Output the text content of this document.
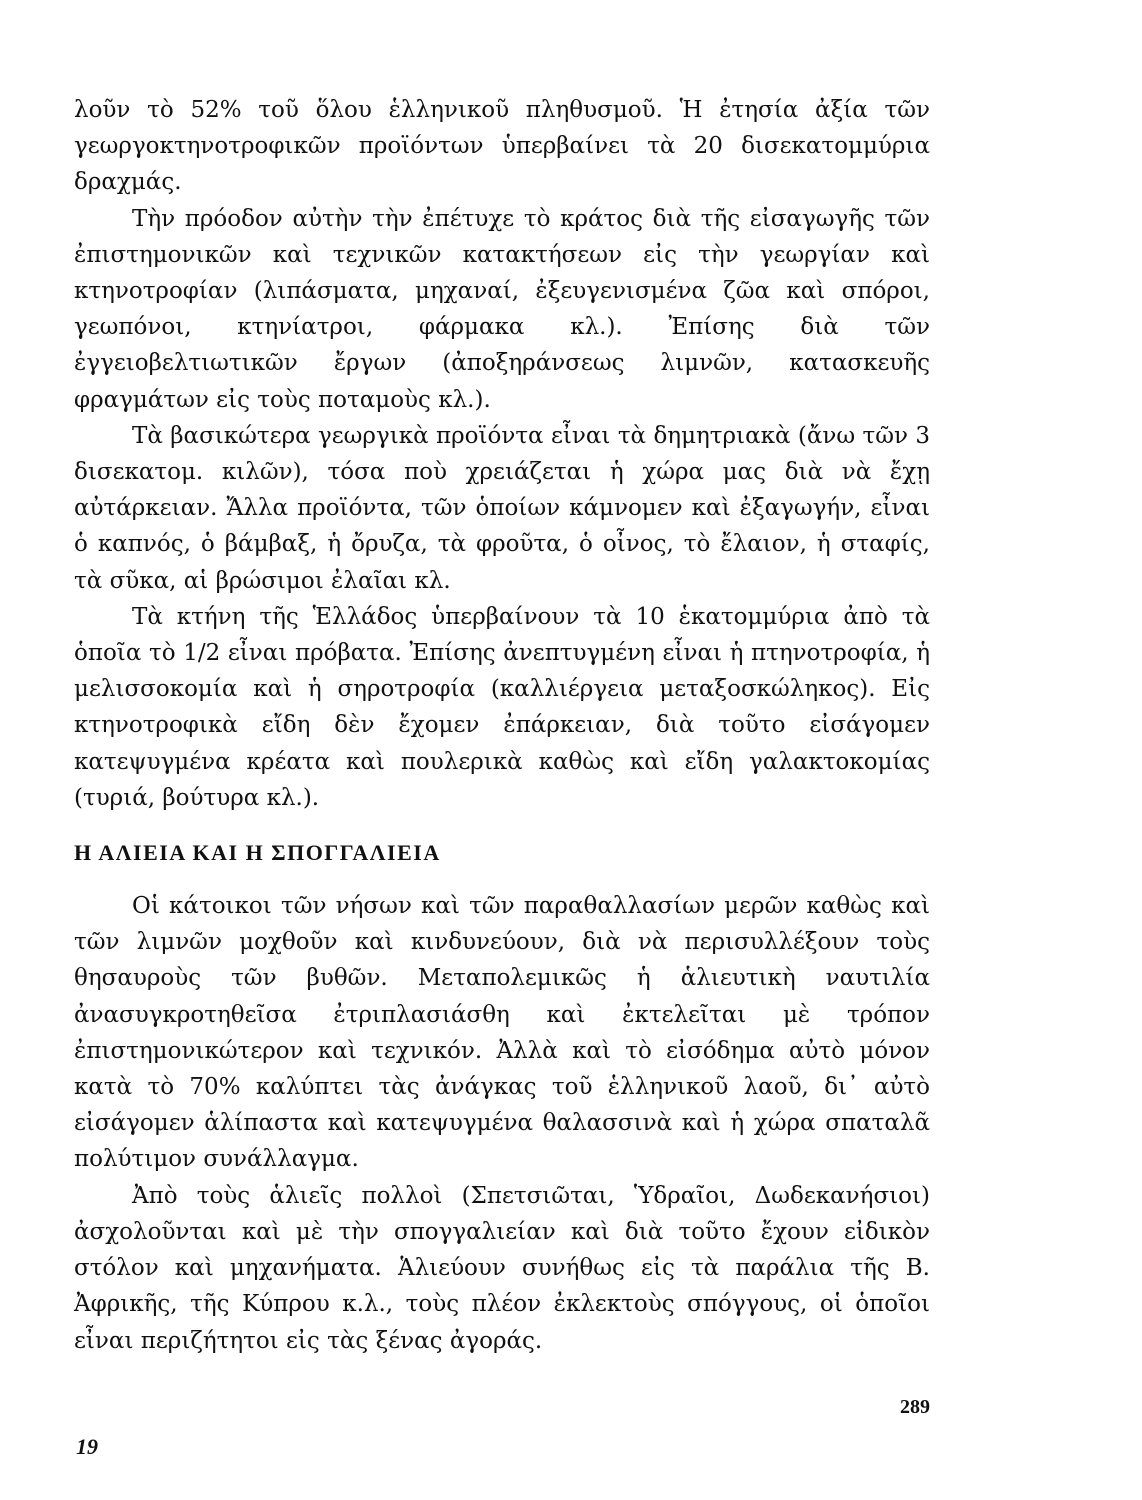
λοῦν τὸ 52% τοῦ ὅλου ἑλληνικοῦ πληθυσμοῦ. Ἡ ἐτησία ἀξία τῶν γεωργοκτηνοτροφικῶν προϊόντων ὑπερβαίνει τὰ 20 δισεκατομμύρια δραχμάς.

Τὴν πρόοδον αὐτὴν τὴν ἐπέτυχε τὸ κράτος διὰ τῆς εἰσαγωγῆς τῶν ἐπιστημονικῶν καὶ τεχνικῶν κατακτήσεων εἰς τὴν γεωργίαν καὶ κτηνοτροφίαν (λιπάσματα, μηχαναί, ἐξευγενισμένα ζῶα καὶ σπόροι, γεωπόνοι, κτηνίατροι, φάρμακα κλ.). Ἐπίσης διὰ τῶν ἐγγειοβελτιωτικῶν ἔργων (ἀποξηράνσεως λιμνῶν, κατασκευῆς φραγμάτων εἰς τοὺς ποταμοὺς κλ.).

Τὰ βασικώτερα γεωργικὰ προϊόντα εἶναι τὰ δημητριακὰ (ἄνω τῶν 3 δισεκατομ. κιλῶν), τόσα ποὺ χρειάζεται ἡ χώρα μας διὰ νὰ ἔχῃ αὐτάρκειαν. Ἄλλα προϊόντα, τῶν ὁποίων κάμνομεν καὶ ἐξαγωγήν, εἶναι ὁ καπνός, ὁ βάμβαξ, ἡ ὄρυζα, τὰ φροῦτα, ὁ οἶνος, τὸ ἔλαιον, ἡ σταφίς, τὰ σῦκα, αἱ βρώσιμοι ἐλαῖαι κλ.

Τὰ κτήνη τῆς Ἑλλάδος ὑπερβαίνουν τὰ 10 ἑκατομμύρια ἀπὸ τὰ ὁποῖα τὸ 1/2 εἶναι πρόβατα. Ἐπίσης ἀνεπτυγμένη εἶναι ἡ πτηνοτροφία, ἡ μελισσοκομία καὶ ἡ σηροτροφία (καλλιέργεια μεταξοσκώληκος). Εἰς κτηνοτροφικὰ εἴδη δὲν ἔχομεν ἐπάρκειαν, διὰ τοῦτο εἰσάγομεν κατεψυγμένα κρέατα καὶ πουλερικὰ καθὼς καὶ εἴδη γαλακτοκομίας (τυριά, βούτυρα κλ.).

Η ΑΛΙΕΙΑ ΚΑΙ Η ΣΠΟΓΓΑΛΙΕΙΑ

Οἱ κάτοικοι τῶν νήσων καὶ τῶν παραθαλλασίων μερῶν καθὼς καὶ τῶν λιμνῶν μοχθοῦν καὶ κινδυνεύουν, διὰ νὰ περισυλλέξουν τοὺς θησαυροὺς τῶν βυθῶν. Μεταπολεμικῶς ἡ ἁλιευτικὴ ναυτιλία ἀνασυγκροτηθεῖσα ἐτριπλασιάσθη καὶ ἐκτελεῖται μὲ τρόπον ἐπιστημονικώτερον καὶ τεχνικόν. Ἀλλὰ καὶ τὸ εἰσόδημα αὐτὸ μόνον κατὰ τὸ 70% καλύπτει τὰς ἀνάγκας τοῦ ἑλληνικοῦ λαοῦ, δι᾿ αὐτὸ εἰσάγομεν ἁλίπαστα καὶ κατεψυγμένα θαλασσινὰ καὶ ἡ χώρα σπαταλᾶ πολύτιμον συνάλλαγμα.

Ἀπὸ τοὺς ἁλιεῖς πολλοὶ (Σπετσιῶται, Ὑδραῖοι, Δωδεκανήσιοι) ἀσχολοῦνται καὶ μὲ τὴν σπογγαλιείαν καὶ διὰ τοῦτο ἔχουν εἰδικὸν στόλον καὶ μηχανήματα. Ἁλιεύουν συνήθως εἰς τὰ παράλια τῆς Β. Ἀφρικῆς, τῆς Κύπρου κ.λ., τοὺς πλέον ἐκλεκτοὺς σπόγγους, οἱ ὁποῖοι εἶναι περιζήτητοι εἰς τὰς ξένας ἀγοράς.

289
19
